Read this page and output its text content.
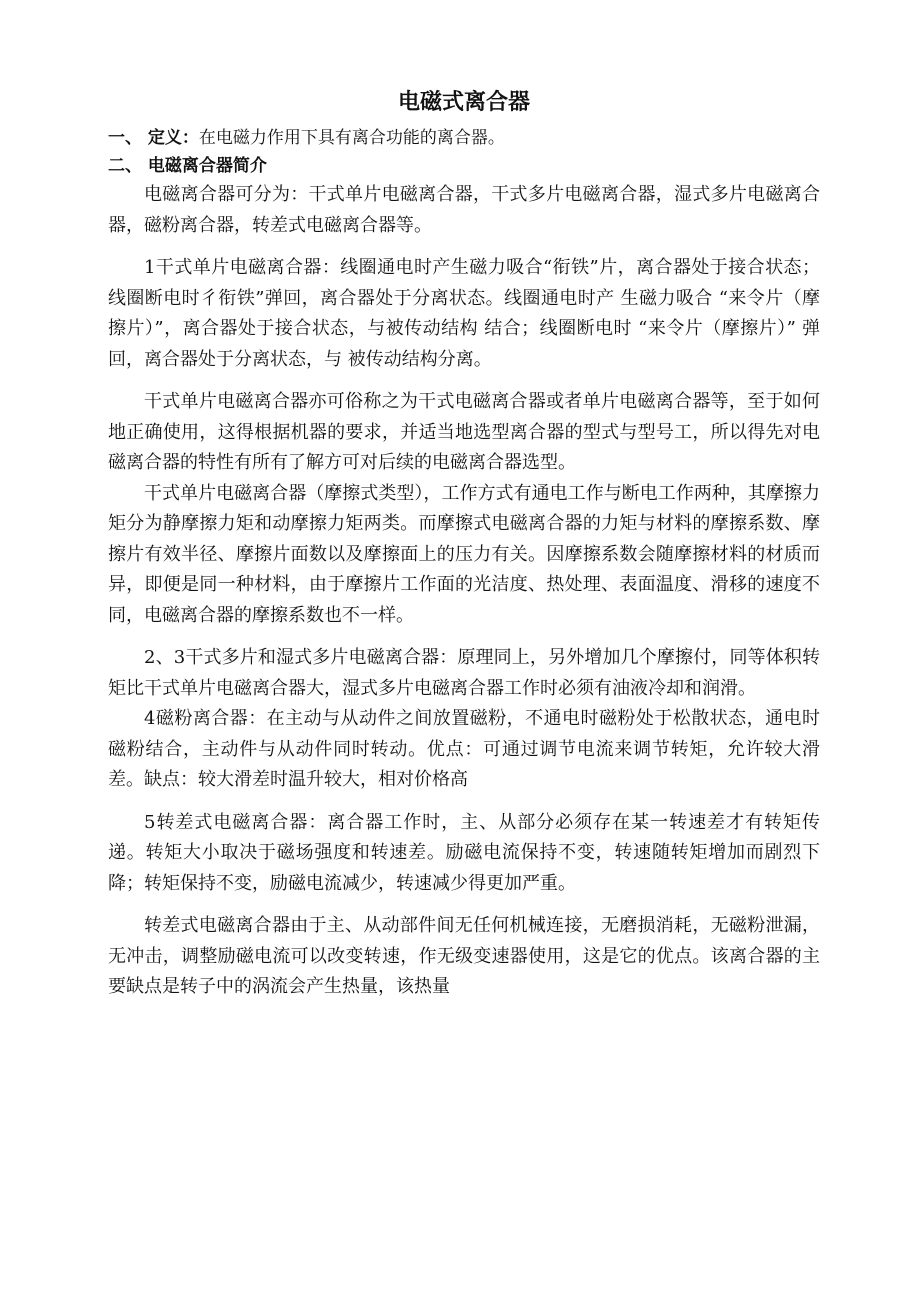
电磁式离合器
一、 定义：在电磁力作用下具有离合功能的离合器。
二、 电磁离合器简介

电磁离合器可分为：干式单片电磁离合器，干式多片电磁离合器，湿式多片电磁离合器，磁粉离合器，转差式电磁离合器等。

1干式单片电磁离合器：线圈通电时产生磁力吸合“衔铁”片，离合器处于接合状态；线圈断电时彳衔铁”弹回，离合器处于分离状态。线圈通电时产 生磁力吸合 “来令片（摩擦片）”，离合器处于接合状态，与被传动结构 结合；线圈断电时 “来令片（摩擦片）” 弹回，离合器处于分离状态，与 被传动结构分离。

干式单片电磁离合器亦可俗称之为干式电磁离合器或者单片电磁离合器等，至于如何地正确使用，这得根据机器的要求，并适当地选型离合器的型式与型号工，所以得先对电磁离合器的特性有所有了解方可对后续的电磁离合器选型。

干式单片电磁离合器（摩擦式类型），工作方式有通电工作与断电工作两种，其摩擦力矩分为静摩擦力矩和动摩擦力矩两类。而摩擦式电磁离合器的力矩与材料的摩擦系数、摩擦片有效半径、摩擦片面数以及摩擦面上的压力有关。因摩擦系数会随摩擦材料的材质而异，即便是同一种材料，由于摩擦片工作面的光洁度、热处理、表面温度、滑移的速度不同，电磁离合器的摩擦系数也不一样。

2、3干式多片和湿式多片电磁离合器：原理同上，另外增加几个摩擦付，同等体积转矩比干式单片电磁离合器大，湿式多片电磁离合器工作时必须有油液冷却和润滑。

4磁粉离合器：在主动与从动件之间放置磁粉，不通电时磁粉处于松散状态，通电时磁粉结合，主动件与从动件同时转动。优点：可通过调节电流来调节转矩，允许较大滑差。缺点：较大滑差时温升较大，相对价格高

5转差式电磁离合器：离合器工作时，主、从部分必须存在某一转速差才有转矩传递。转矩大小取决于磁场强度和转速差。励磁电流保持不变，转速随转矩增加而剧烈下降；转矩保持不变，励磁电流减少，转速减少得更加严重。

转差式电磁离合器由于主、从动部件间无任何机械连接，无磨损消耗，无磁粉泄漏，无冲击，调整励磁电流可以改变转速，作无级变速器使用，这是它的优点。该离合器的主要缺点是转子中的涡流会产生热量，该热量
